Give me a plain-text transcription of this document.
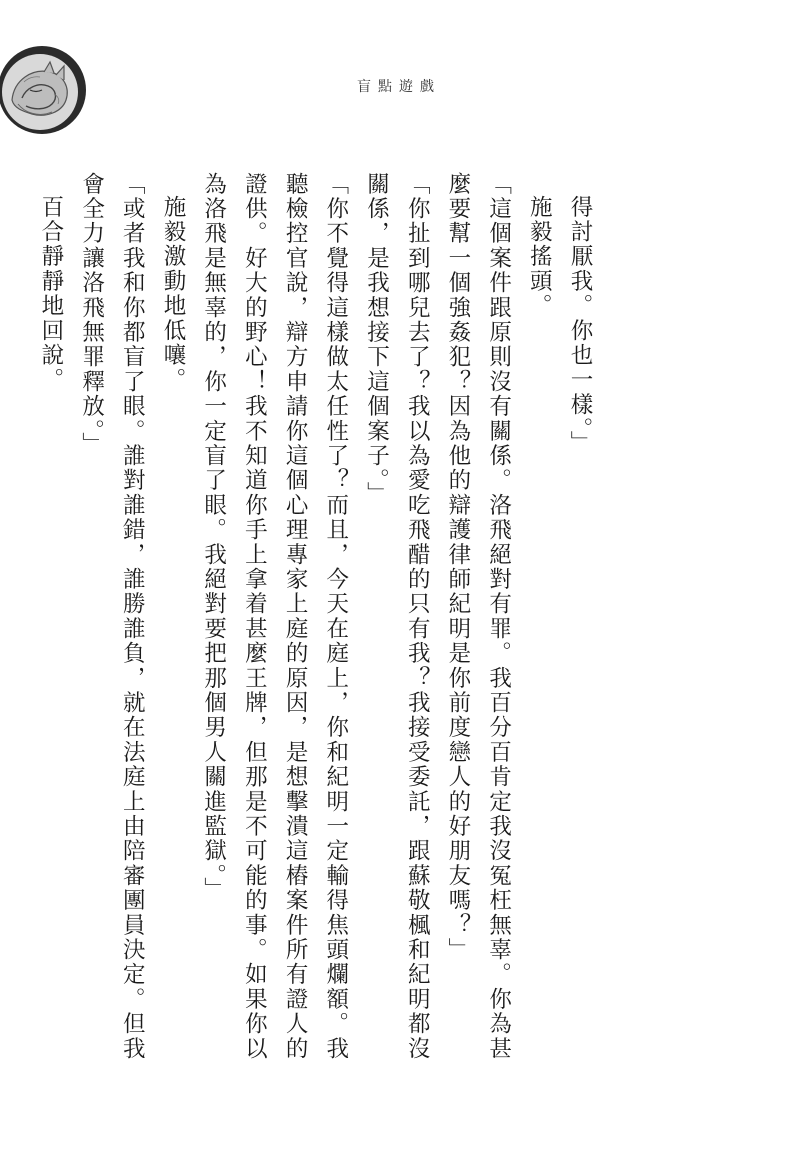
盲點遊戲

得討厭我。你也一樣。」

施毅搖頭。

「這個案件跟原則沒有關係。洛飛絕對有罪。我百分百肯定我沒冤枉無辜。你為甚麼要幫一個強姦犯？因為他的辯護律師紀明是你前度戀人的好朋友嗎？」

「你扯到哪兒去了？我以為愛吃飛醋的只有我？我接受委託，跟蘇敬楓和紀明都沒關係，是我想接下這個案子。」

「你不覺得這樣做太任性了？而且，今天在庭上，你和紀明一定輸得焦頭爛額。我聽檢控官說，辯方申請你這個心理專家上庭的原因，是想擊潰這樁案件所有證人的證供。好大的野心！我不知道你手上拿着甚麼王牌，但那是不可能的事。如果你以為洛飛是無辜的，你一定盲了眼。我絕對要把那個男人關進監獄。」

施毅激動地低嚷。

「或者我和你都盲了眼。誰對誰錯，誰勝誰負，就在法庭上由陪審團員決定。但我會全力讓洛飛無罪釋放。」

百合靜靜地回說。
